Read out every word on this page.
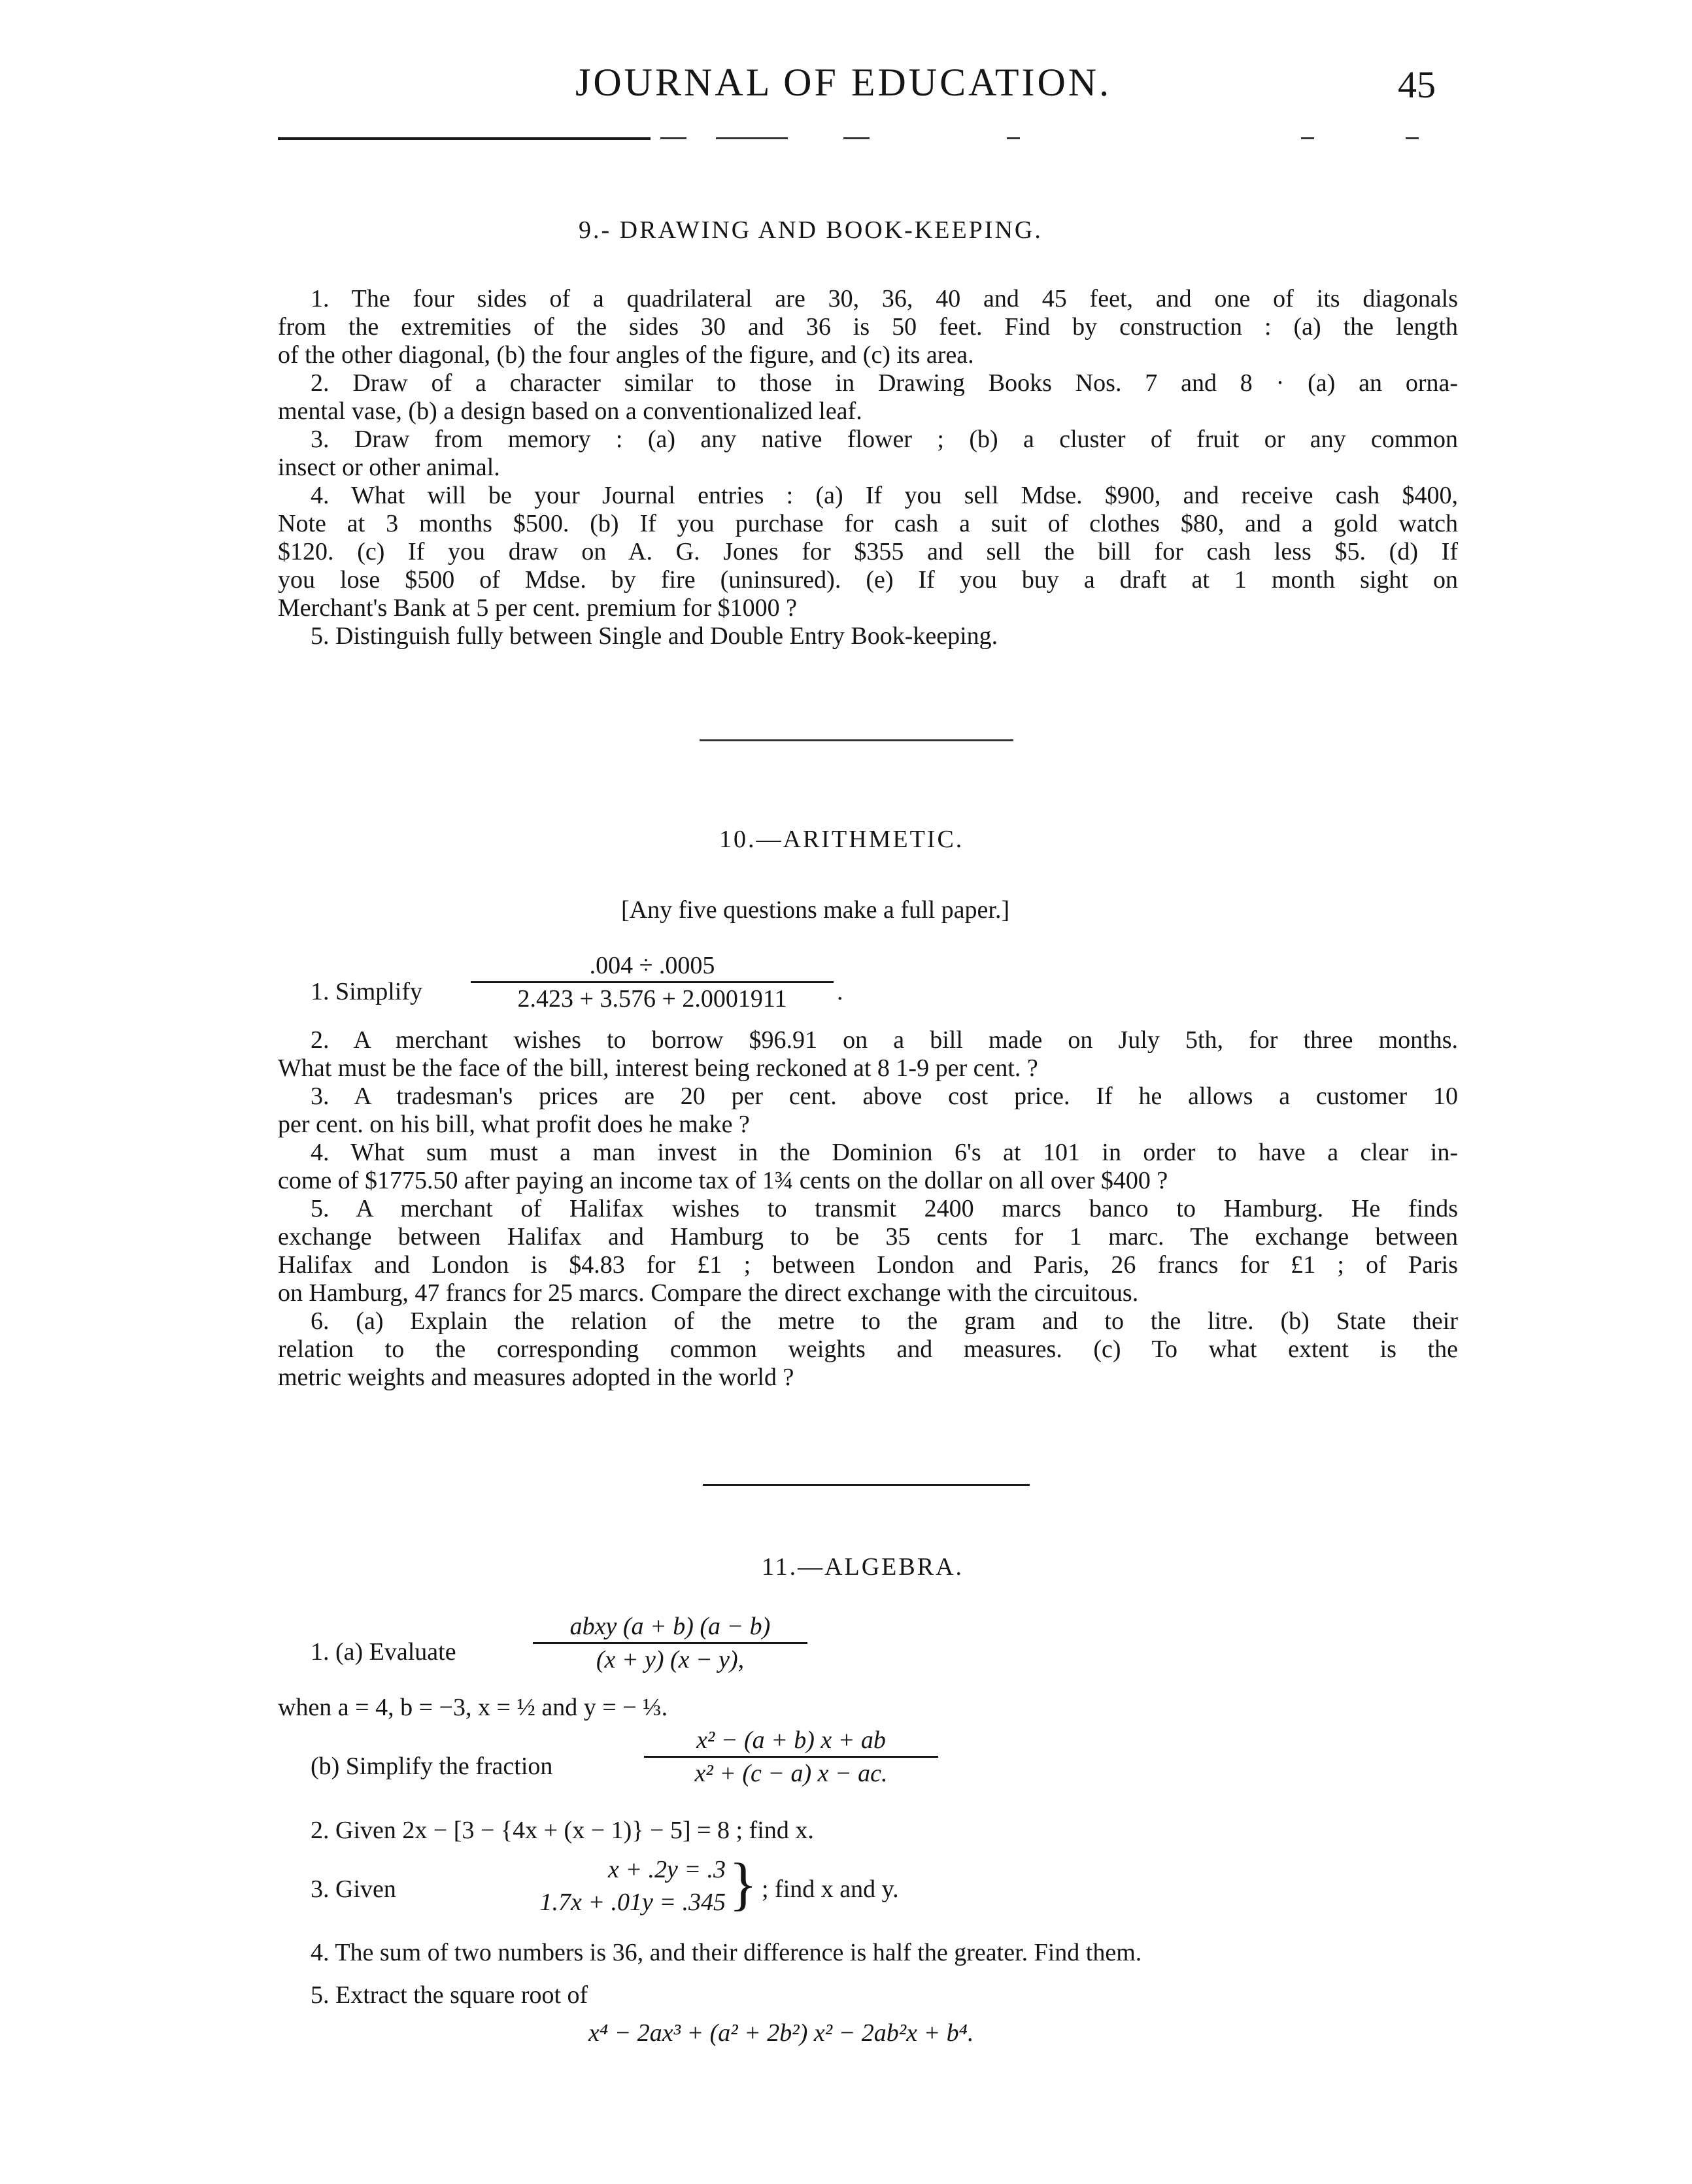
JOURNAL OF EDUCATION.	45
9.- DRAWING AND BOOK-KEEPING.
1. The four sides of a quadrilateral are 30, 36, 40 and 45 feet, and one of its diagonals
from the extremities of the sides 30 and 36 is 50 feet. Find by construction : (a) the length
of the other diagonal, (b) the four angles of the figure, and (c) its area.
2. Draw of a character similar to those in Drawing Books Nos. 7 and 8 · (a) an orna-
mental vase, (b) a design based on a conventionalized leaf.
3. Draw from memory : (a) any native flower ; (b) a cluster of fruit or any common
insect or other animal.
4. What will be your Journal entries : (a) If you sell Mdse. $900, and receive cash $400,
Note at 3 months $500. (b) If you purchase for cash a suit of clothes $80, and a gold watch
$120. (c) If you draw on A. G. Jones for $355 and sell the bill for cash less $5. (d) If
you lose $500 of Mdse. by fire (uninsured). (e) If you buy a draft at 1 month sight on
Merchant's Bank at 5 per cent. premium for $1000 ?
5. Distinguish fully between Single and Double Entry Book-keeping.
10.—ARITHMETIC.
[Any five questions make a full paper.]
1. Simplify
.004 ÷ .0005
2.423 + 3.576 + 2.0001911	.
2. A merchant wishes to borrow $96.91 on a bill made on July 5th, for three months.
What must be the face of the bill, interest being reckoned at 8 1-9 per cent. ?
3. A tradesman's prices are 20 per cent. above cost price. If he allows a customer 10
per cent. on his bill, what profit does he make ?
4. What sum must a man invest in the Dominion 6's at 101 in order to have a clear in-
come of $1775.50 after paying an income tax of 1¾ cents on the dollar on all over $400 ?
5. A merchant of Halifax wishes to transmit 2400 marcs banco to Hamburg. He finds
exchange between Halifax and Hamburg to be 35 cents for 1 marc. The exchange between
Halifax and London is $4.83 for £1 ; between London and Paris, 26 francs for £1 ; of Paris
on Hamburg, 47 francs for 25 marcs. Compare the direct exchange with the circuitous.
6. (a) Explain the relation of the metre to the gram and to the litre. (b) State their
relation to the corresponding common weights and measures. (c) To what extent is the
metric weights and measures adopted in the world ?
11.—ALGEBRA.
1. (a) Evaluate
abxy (a + b) (a − b)
(x + y) (x − y),
when a = 4, b = −3, x = ½ and y = − ⅓.
(b) Simplify the fraction
x² − (a + b) x + ab
x² + (c − a) x − ac.
2. Given 2x − [3 − {4x + (x − 1)} − 5] = 8 ; find x.
3. Given
x + .2y = .3
1.7x + .01y = .345 } ; find x and y.
4. The sum of two numbers is 36, and their difference is half the greater. Find them.
5. Extract the square root of
x⁴ − 2ax³ + (a² + 2b²) x² − 2ab²x + b⁴.
